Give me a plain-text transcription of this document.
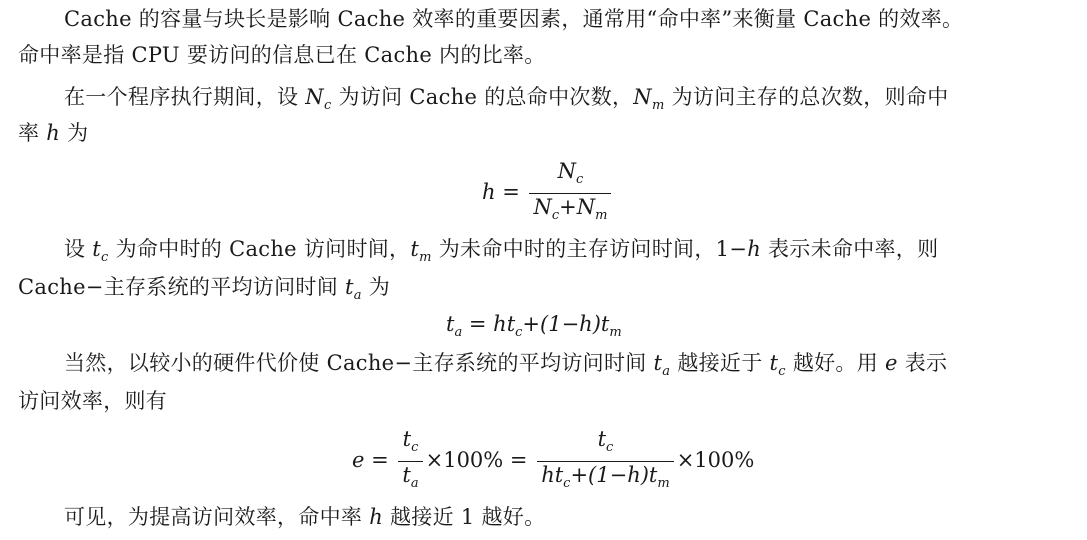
Cache 的容量与块长是影响 Cache 效率的重要因素，通常用“命中率”来衡量 Cache 的效率。
命中率是指 CPU 要访问的信息已在 Cache 内的比率。
在一个程序执行期间，设 $N_c$ 为访问 Cache 的总命中次数，$N_m$ 为访问主存的总次数，则命中
率 h 为
$h = \frac{N_c}{N_c+N_m}$
设 $t_c$ 为命中时的 Cache 访问时间，$t_m$ 为未命中时的主存访问时间，1−h 表示未命中率，则
Cache−主存系统的平均访问时间 $t_a$ 为
$t_a = ht_c+(1-h)t_m$
当然，以较小的硬件代价使 Cache−主存系统的平均访问时间 $t_a$ 越接近于 $t_c$ 越好。用 e 表示
访问效率，则有
$e = \frac{t_c}{t_a} \times 100\% = \frac{t_c}{ht_c+(1-h)t_m} \times 100\%$
可见，为提高访问效率，命中率 h 越接近 1 越好。
